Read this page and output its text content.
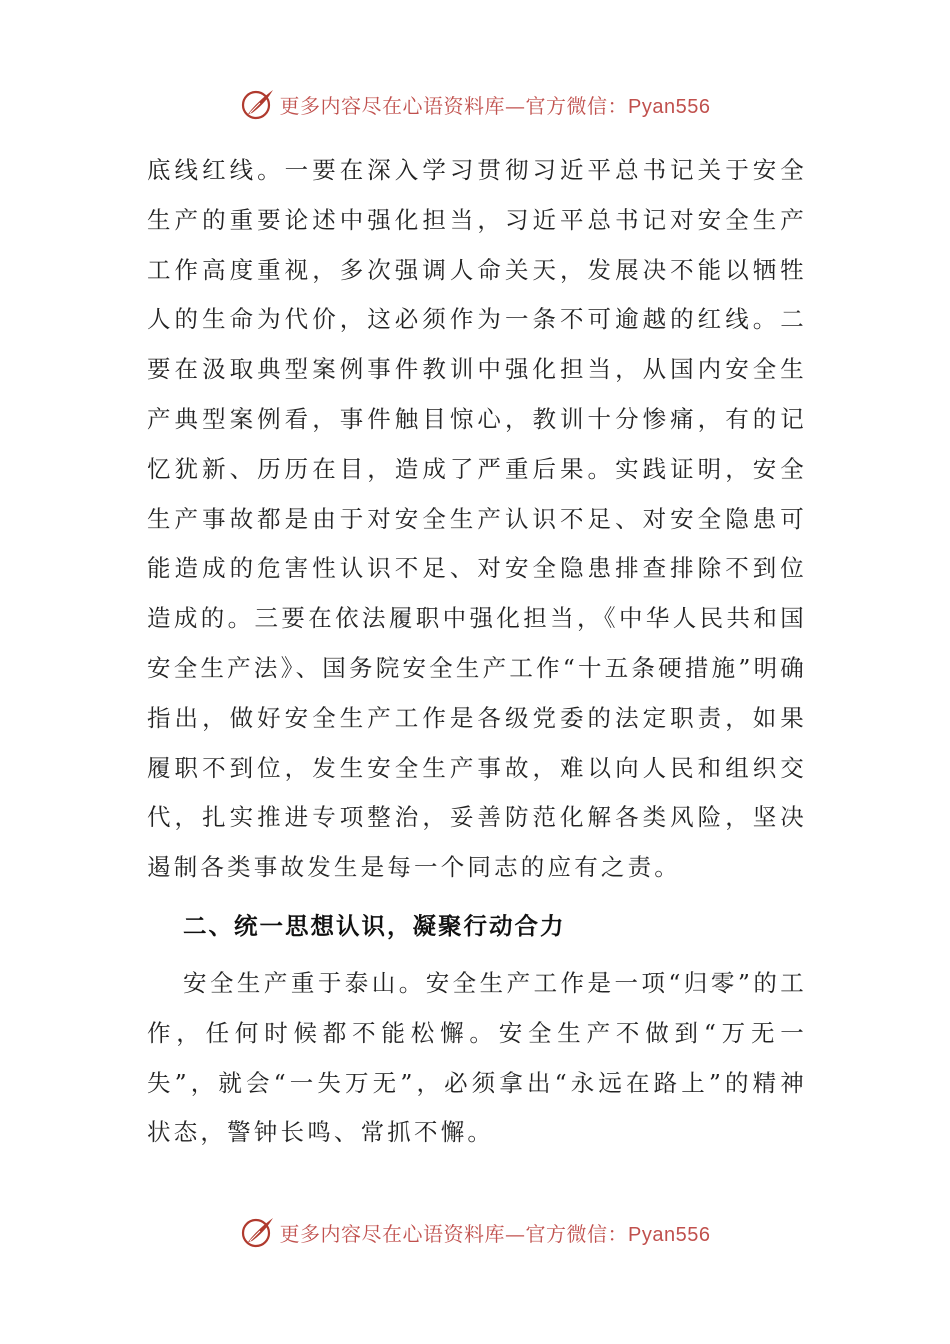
更多内容尽在心语资料库—官方微信：Pyan556

底线红线。一要在深入学习贯彻习近平总书记关于安全生产的重要论述中强化担当，习近平总书记对安全生产工作高度重视，多次强调人命关天，发展决不能以牺牲人的生命为代价，这必须作为一条不可逾越的红线。二要在汲取典型案例事件教训中强化担当，从国内安全生产典型案例看，事件触目惊心，教训十分惨痛，有的记忆犹新、历历在目，造成了严重后果。实践证明，安全生产事故都是由于对安全生产认识不足、对安全隐患可能造成的危害性认识不足、对安全隐患排查排除不到位造成的。三要在依法履职中强化担当，《中华人民共和国安全生产法》、国务院安全生产工作“十五条硬措施”明确指出，做好安全生产工作是各级党委的法定职责，如果履职不到位，发生安全生产事故，难以向人民和组织交代，扎实推进专项整治，妥善防范化解各类风险，坚决遏制各类事故发生是每一个同志的应有之责。

二、统一思想认识，凝聚行动合力

安全生产重于泰山。安全生产工作是一项“归零”的工作，任何时候都不能松懈。安全生产不做到“万无一失”，就会“一失万无”，必须拿出“永远在路上”的精神状态，警钟长鸣、常抓不懈。

更多内容尽在心语资料库—官方微信：Pyan556
